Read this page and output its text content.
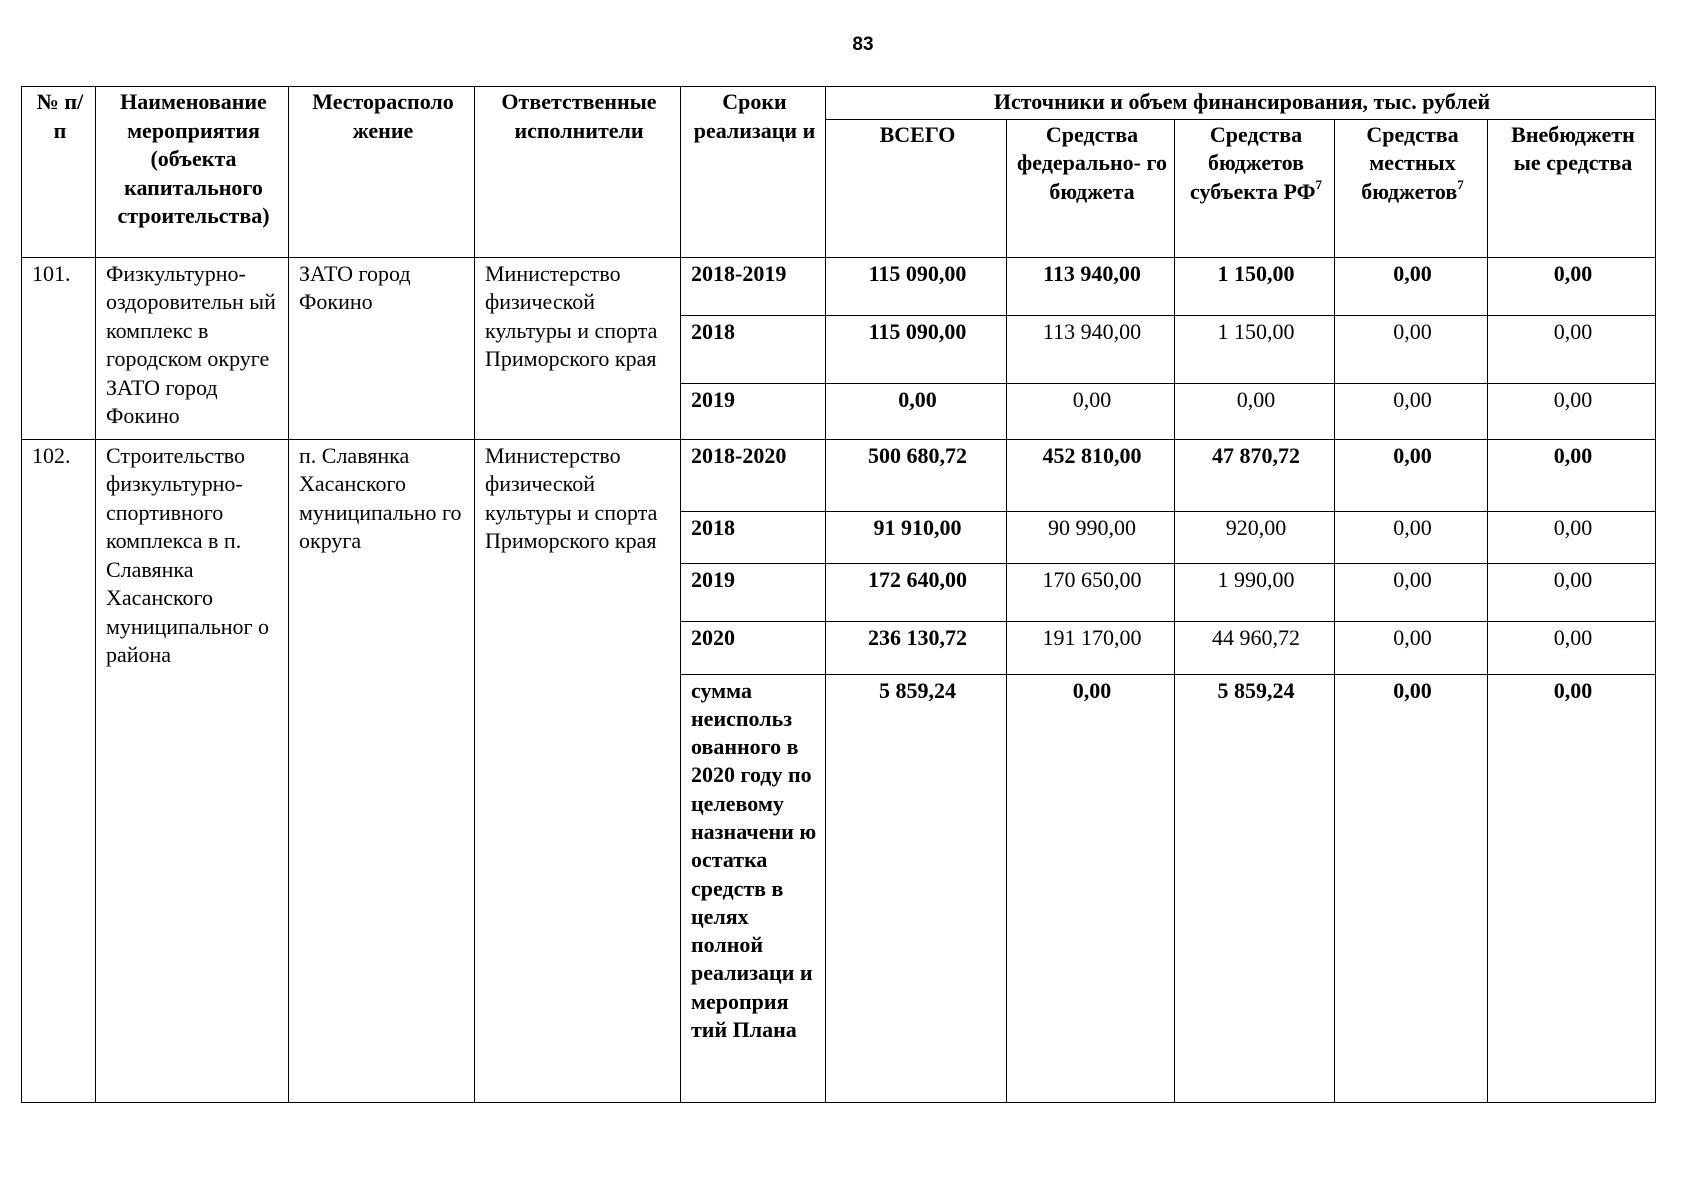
83
№ п/п	Наименование мероприятия (объекта капитального строительства)	Месторасполо жение	Ответственные исполнители	Сроки реализаци и	Источники и объем финансирования, тыс. рублей				
					ВСЕГО	Средства федерально- го бюджета	Средства бюджетов субъекта $РФ^7$	Средства местных бюджетов$^7$	Внебюджетн ые средства
101.	Физкультурно-оздоровительн ый комплекс в городском округе ЗАТО город Фокино	ЗАТО город Фокино	Министерство физической культуры и спорта Приморского края	2018-2019	115 090,00	113 940,00	1 150,00	0,00	0,00
				2018	115 090,00	113 940,00	1 150,00	0,00	0,00
				2019	0,00	0,00	0,00	0,00	0,00
102.	Строительство физкультурно-спортивного комплекса в п. Славянка Хасанского муниципальног о района	п. Славянка Хасанского муниципально го округа	Министерство физической культуры и спорта Приморского края	2018-2020	500 680,72	452 810,00	47 870,72	0,00	0,00
				2018	91 910,00	90 990,00	920,00	0,00	0,00
				2019	172 640,00	170 650,00	1 990,00	0,00	0,00
				2020	236 130,72	191 170,00	44 960,72	0,00	0,00
				сумма неиспольз ованного в 2020 году по целевому назначени ю остатка средств в целях полной реализаци и мероприя тий Плана	5 859,24	0,00	5 859,24	0,00	0,00
